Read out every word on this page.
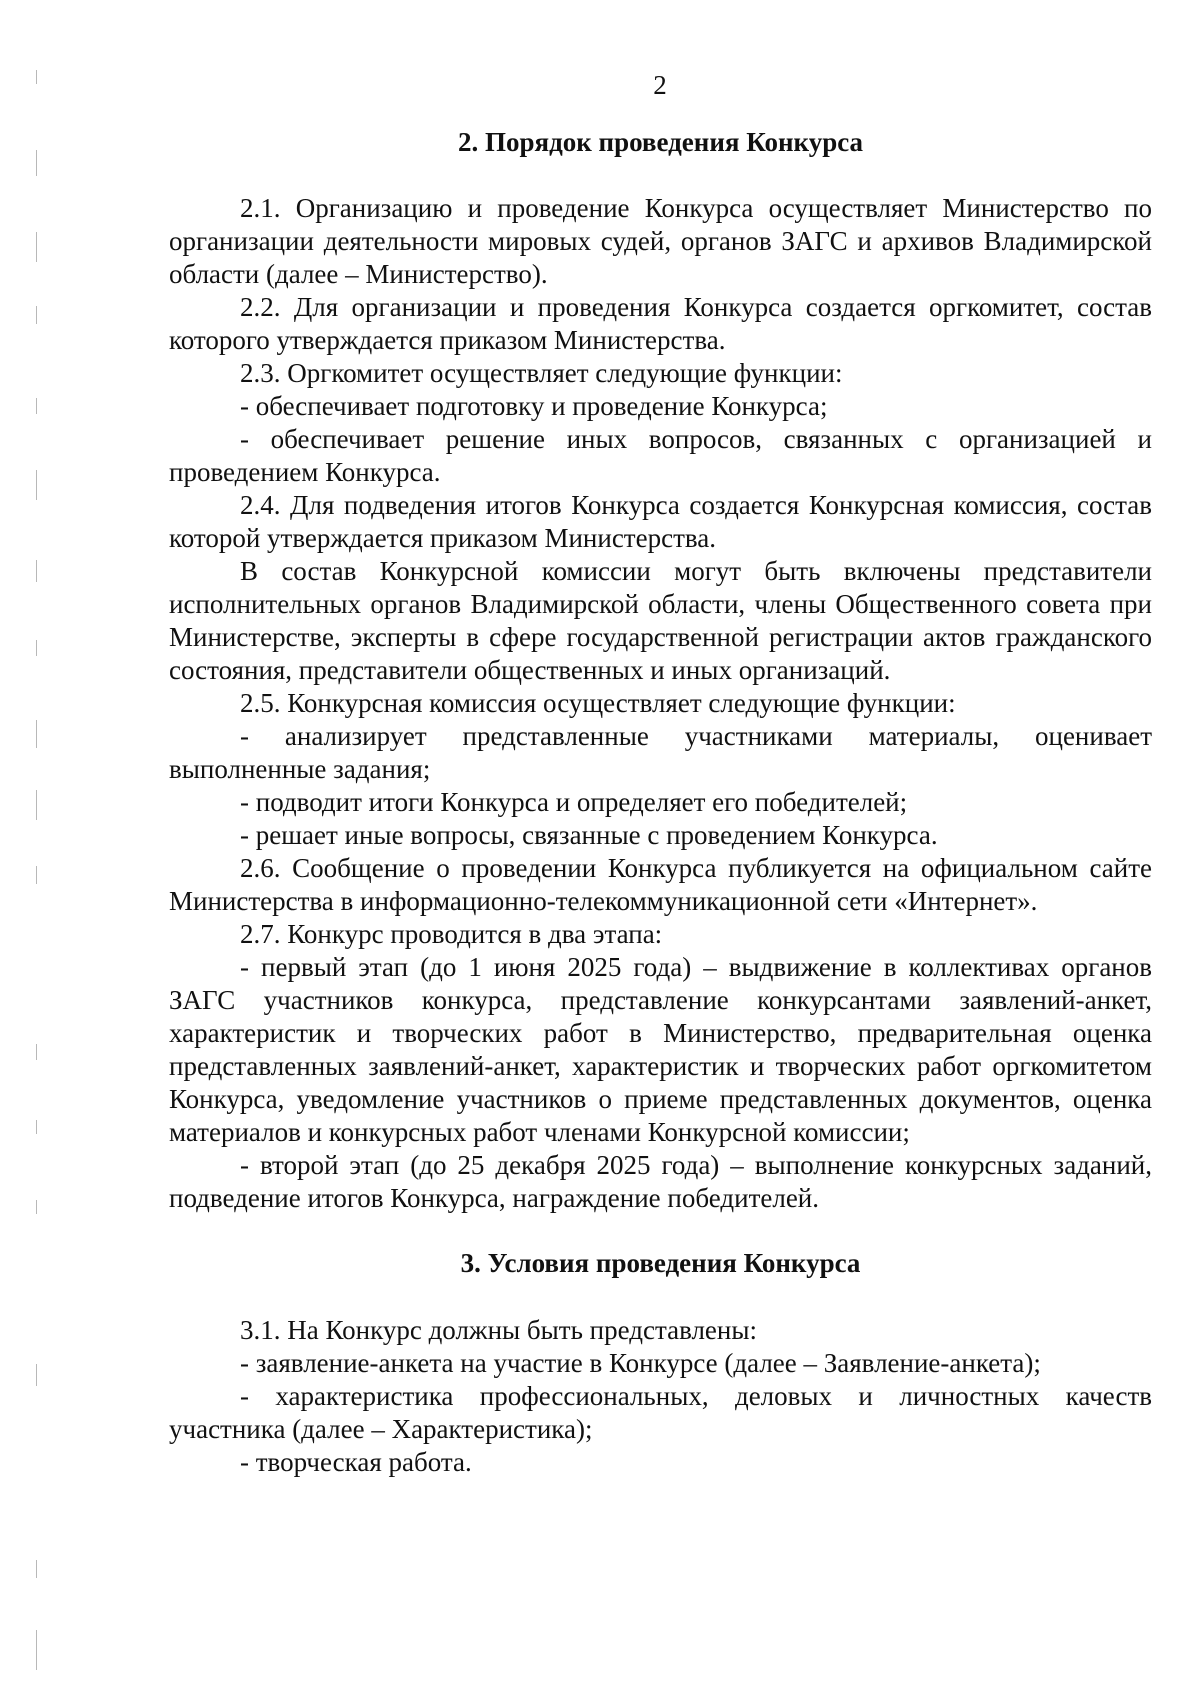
2
2. Порядок проведения Конкурса

2.1. Организацию и проведение Конкурса осуществляет Министерство по организации деятельности мировых судей, органов ЗАГС и архивов Владимирской области (далее – Министерство).

2.2. Для организации и проведения Конкурса создается оргкомитет, состав которого утверждается приказом Министерства.

2.3. Оргкомитет осуществляет следующие функции:

- обеспечивает подготовку и проведение Конкурса;

- обеспечивает решение иных вопросов, связанных с организацией и проведением Конкурса.

2.4. Для подведения итогов Конкурса создается Конкурсная комиссия, состав которой утверждается приказом Министерства.

В состав Конкурсной комиссии могут быть включены представители исполнительных органов Владимирской области, члены Общественного совета при Министерстве, эксперты в сфере государственной регистрации актов гражданского состояния, представители общественных и иных организаций.

2.5. Конкурсная комиссия осуществляет следующие функции:

- анализирует представленные участниками материалы, оценивает выполненные задания;

- подводит итоги Конкурса и определяет его победителей;

- решает иные вопросы, связанные с проведением Конкурса.

2.6. Сообщение о проведении Конкурса публикуется на официальном сайте Министерства в информационно-телекоммуникационной сети «Интернет».

2.7. Конкурс проводится в два этапа:

- первый этап (до 1 июня 2025 года) – выдвижение в коллективах органов ЗАГС участников конкурса, представление конкурсантами заявлений-анкет, характеристик и творческих работ в Министерство, предварительная оценка представленных заявлений-анкет, характеристик и творческих работ оргкомитетом Конкурса, уведомление участников о приеме представленных документов, оценка материалов и конкурсных работ членами Конкурсной комиссии;

- второй этап (до 25 декабря 2025 года) – выполнение конкурсных заданий, подведение итогов Конкурса, награждение победителей.

3. Условия проведения Конкурса

3.1. На Конкурс должны быть представлены:

- заявление-анкета на участие в Конкурсе (далее – Заявление-анкета);

- характеристика профессиональных, деловых и личностных качеств участника (далее – Характеристика);

- творческая работа.
